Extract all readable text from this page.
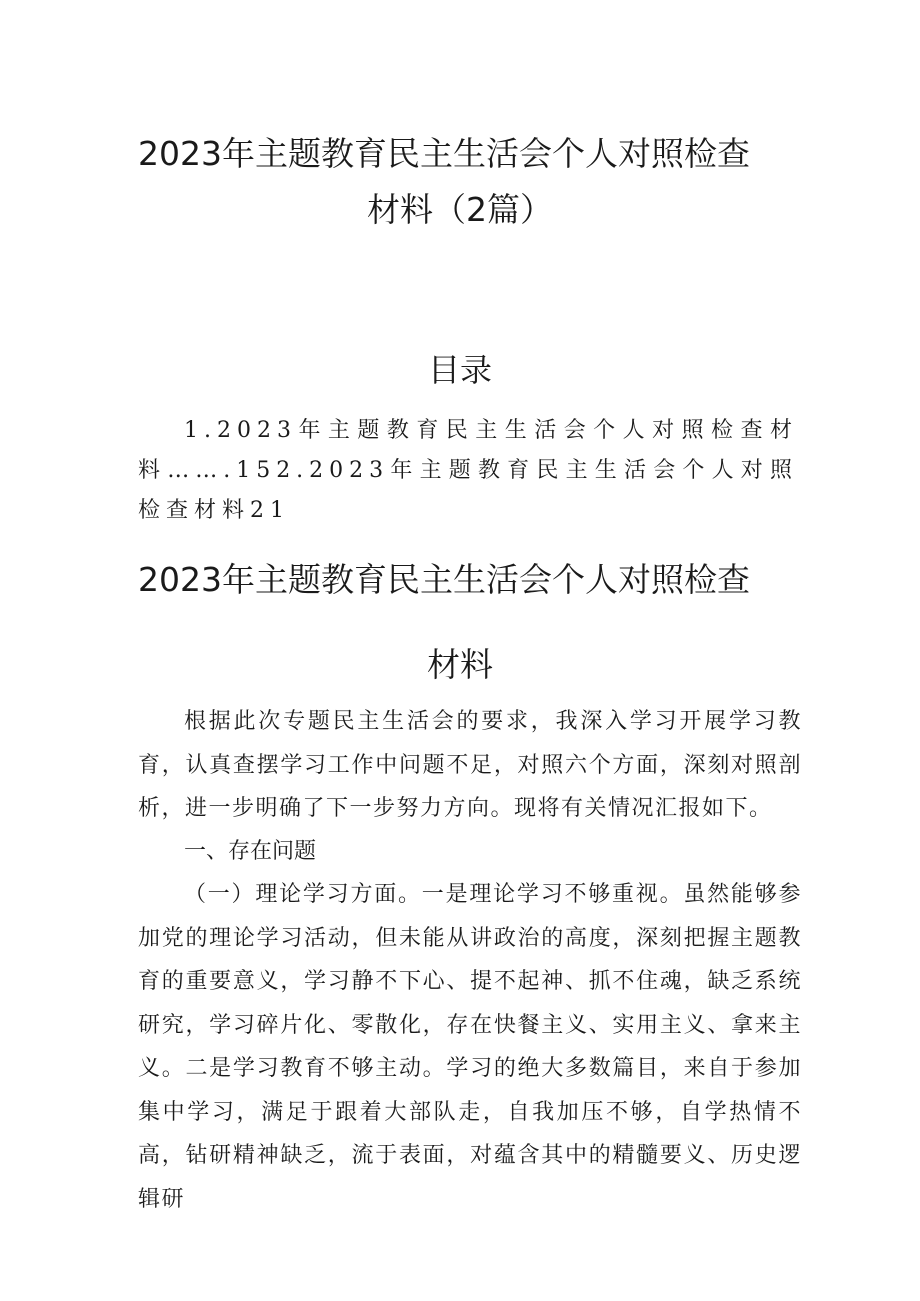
2023年主题教育民主生活会个人对照检查
材料（2篇）
目录
1.2023年主题教育民主生活会个人对照检查材料…….152.2023年主题教育民主生活会个人对照检查材料21
2023年主题教育民主生活会个人对照检查
材料
根据此次专题民主生活会的要求，我深入学习开展学习教育，认真查摆学习工作中问题不足，对照六个方面，深刻对照剖析，进一步明确了下一步努力方向。现将有关情况汇报如下。
一、存在问题
（一）理论学习方面。一是理论学习不够重视。虽然能够参加党的理论学习活动，但未能从讲政治的高度，深刻把握主题教育的重要意义，学习静不下心、提不起神、抓不住魂，缺乏系统研究，学习碎片化、零散化，存在快餐主义、实用主义、拿来主义。二是学习教育不够主动。学习的绝大多数篇目，来自于参加集中学习，满足于跟着大部队走，自我加压不够，自学热情不高，钻研精神缺乏，流于表面，对蕴含其中的精髓要义、历史逻辑研
